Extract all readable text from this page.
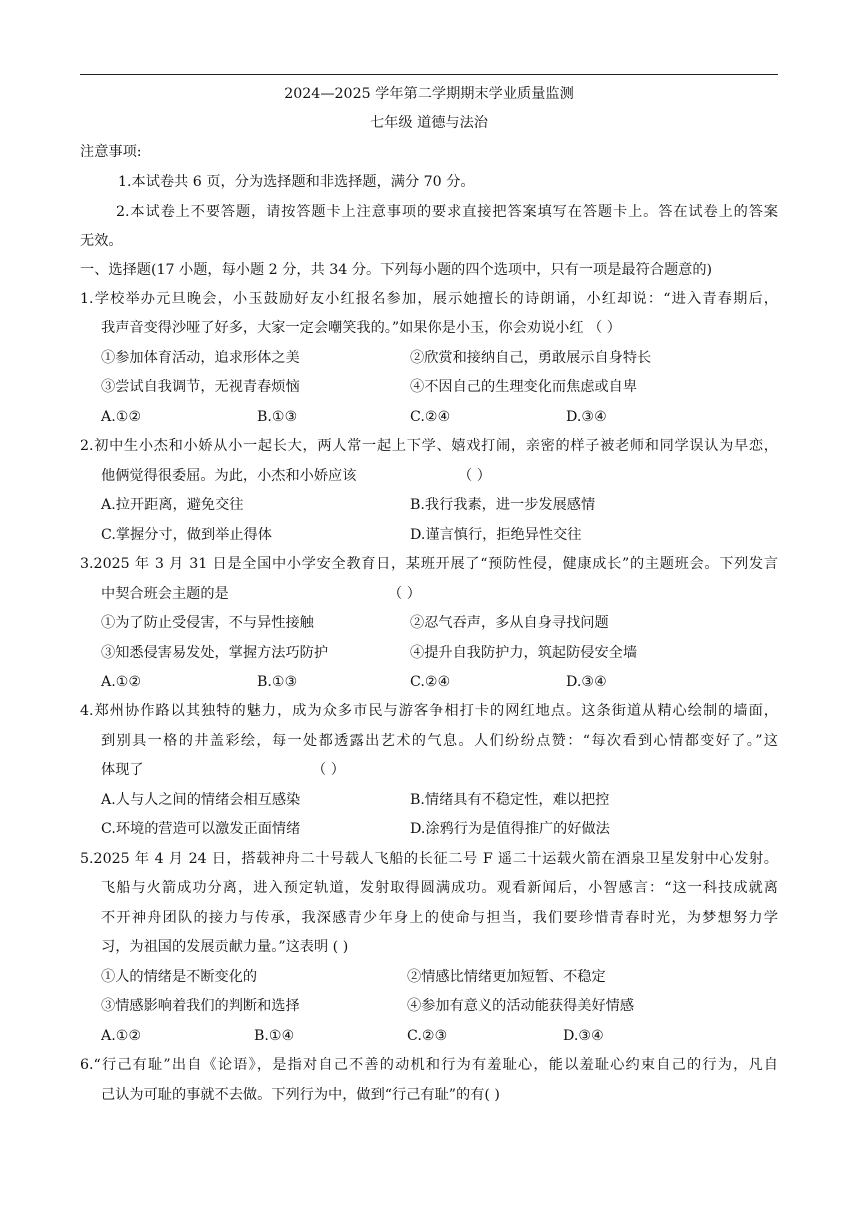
2024—2025 学年第二学期期末学业质量监测
七年级 道德与法治
注意事项:
1.本试卷共 6 页，分为选择题和非选择题，满分 70 分。
2.本试卷上不要答题，请按答题卡上注意事项的要求直接把答案填写在答题卡上。答在试卷上的答案
无效。
一、选择题(17 小题，每小题 2 分，共 34 分。下列每小题的四个选项中，只有一项是最符合题意的)
1.学校举办元旦晚会，小玉鼓励好友小红报名参加，展示她擅长的诗朗诵，小红却说：“进入青春期后，
我声音变得沙哑了好多，大家一定会嘲笑我的。”如果你是小玉，你会劝说小红 （ ）
①参加体育活动，追求形体之美	②欣赏和接纳自己，勇敢展示自身特长
③尝试自我调节，无视青春烦恼	④不因自己的生理变化而焦虑或自卑
A.①②	B.①③	C.②④	D.③④
2.初中生小杰和小娇从小一起长大，两人常一起上下学、嬉戏打闹，亲密的样子被老师和同学误认为早恋，
他俩觉得很委屈。为此，小杰和小娇应该	（ ）
A.拉开距离，避免交往	B.我行我素，进一步发展感情
C.掌握分寸，做到举止得体	D.谨言慎行，拒绝异性交往
3.2025 年 3 月 31 日是全国中小学安全教育日，某班开展了“预防性侵，健康成长”的主题班会。下列发言
中契合班会主题的是	（ ）
①为了防止受侵害，不与异性接触	②忍气吞声，多从自身寻找问题
③知悉侵害易发处，掌握方法巧防护	④提升自我防护力，筑起防侵安全墙
A.①②	B.①③	C.②④	D.③④
4.郑州协作路以其独特的魅力，成为众多市民与游客争相打卡的网红地点。这条街道从精心绘制的墙面，
到别具一格的井盖彩绘，每一处都透露出艺术的气息。人们纷纷点赞：“每次看到心情都变好了。”这
体现了	（ ）
A.人与人之间的情绪会相互感染	B.情绪具有不稳定性，难以把控
C.环境的营造可以激发正面情绪	D.涂鸦行为是值得推广的好做法
5.2025 年 4 月 24 日，搭载神舟二十号载人飞船的长征二号 F 遥二十运载火箭在酒泉卫星发射中心发射。
飞船与火箭成功分离，进入预定轨道，发射取得圆满成功。观看新闻后，小智感言：“这一科技成就离
不开神舟团队的接力与传承，我深感青少年身上的使命与担当，我们要珍惜青春时光，为梦想努力学
习，为祖国的发展贡献力量。”这表明 ( )
①人的情绪是不断变化的	②情感比情绪更加短暂、不稳定
③情感影响着我们的判断和选择	④参加有意义的活动能获得美好情感
A.①②	B.①④	C.②③	D.③④
6.“行己有耻”出自《论语》，是指对自己不善的动机和行为有羞耻心，能以羞耻心约束自己的行为，凡自
己认为可耻的事就不去做。下列行为中，做到“行己有耻”的有( )
